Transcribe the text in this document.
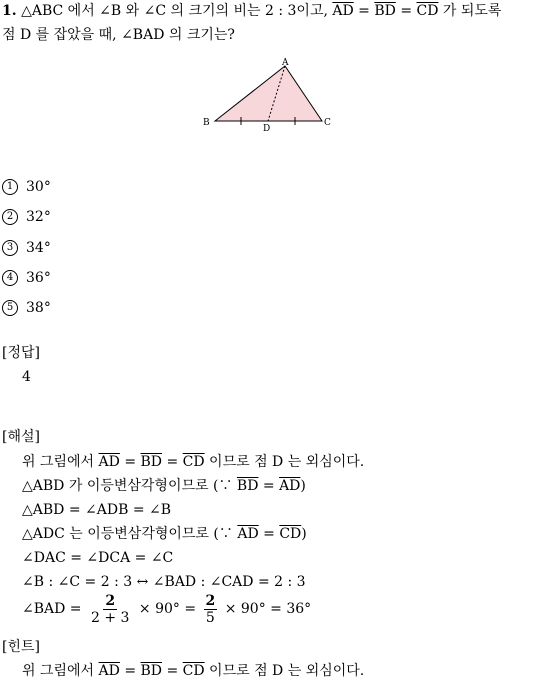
1. △ABC 에서 ∠B 와 ∠C 의 크기의 비는 2 : 3이고, $\overline{AD} = \overline{BD} = \overline{CD}$ 가 되도록
점 D 를 잡았을 때, ∠BAD 의 크기는?
A
B
D
C
1 30°
2 32°
3 34°
4 36°
5 38°
[정답]
4
[해설]
위 그림에서 $\overline{AD} = \overline{BD} = \overline{CD}$ 이므로 점 D 는 외심이다.
△ABD 가 이등변삼각형이므로 (∵ $\overline{BD} = \overline{AD}$)
△ABD = ∠ADB = ∠B
△ADC 는 이등변삼각형이므로 (∵ $\overline{AD} = \overline{CD}$)
∠DAC = ∠DCA = ∠C
∠B : ∠C = 2 : 3 ↔ ∠BAD : ∠CAD = 2 : 3
∠BAD = $\frac{2}{2 + 3} \times 90^\circ = \frac{2}{5} \times 90^\circ = 36^\circ$
[힌트]
위 그림에서 $\overline{AD} = \overline{BD} = \overline{CD}$ 이므로 점 D 는 외심이다.
